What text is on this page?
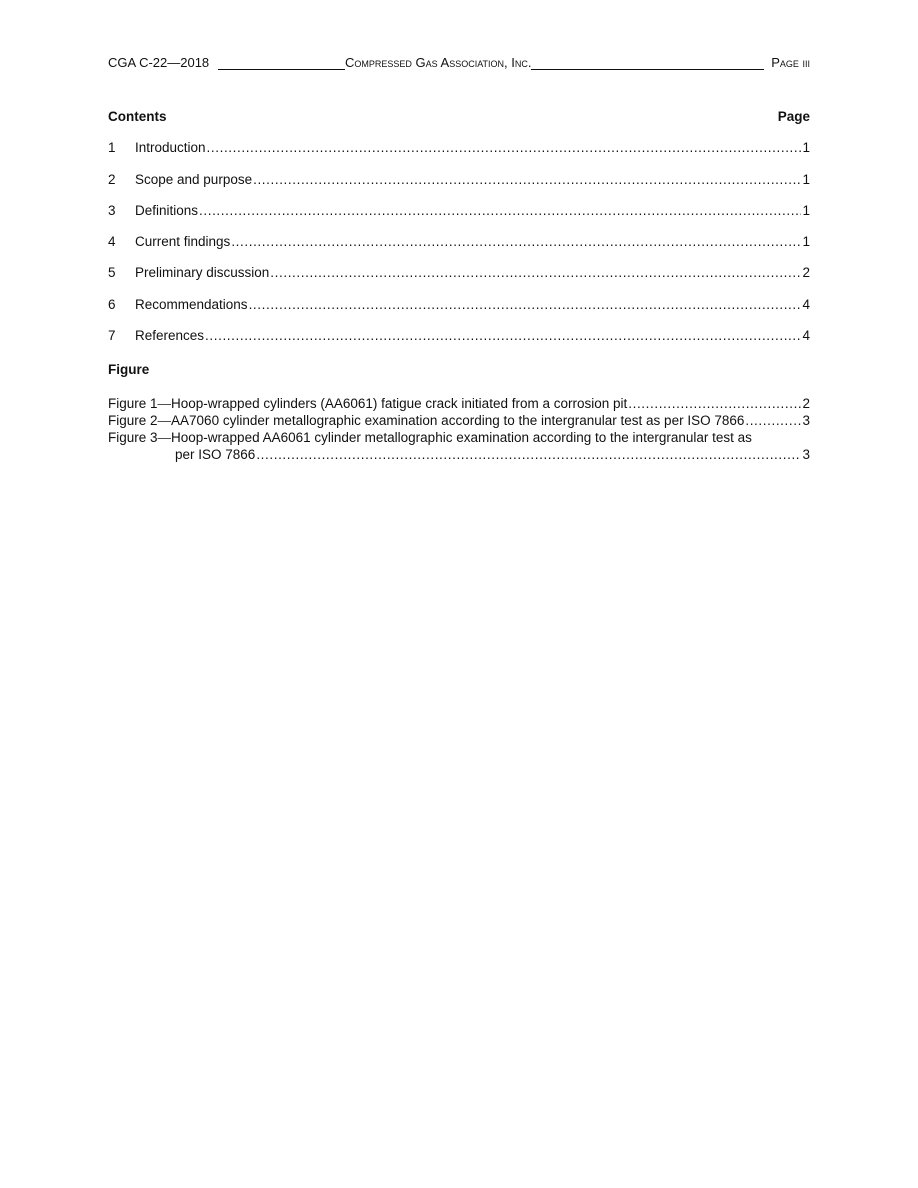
CGA C-22—2018	Compressed Gas Association, Inc.	Page iii
Contents	Page
1	Introduction .....	1
2	Scope and purpose .....	1
3	Definitions .....	1
4	Current findings .....	1
5	Preliminary discussion .....	2
6	Recommendations .....	4
7	References .....	4
Figure
Figure 1—Hoop-wrapped cylinders (AA6061) fatigue crack initiated from a corrosion pit .....	2
Figure 2—AA7060 cylinder metallographic examination according to the intergranular test as per ISO 7866 .....	3
Figure 3—Hoop-wrapped AA6061 cylinder metallographic examination according to the intergranular test as
per ISO 7866 .....	3
